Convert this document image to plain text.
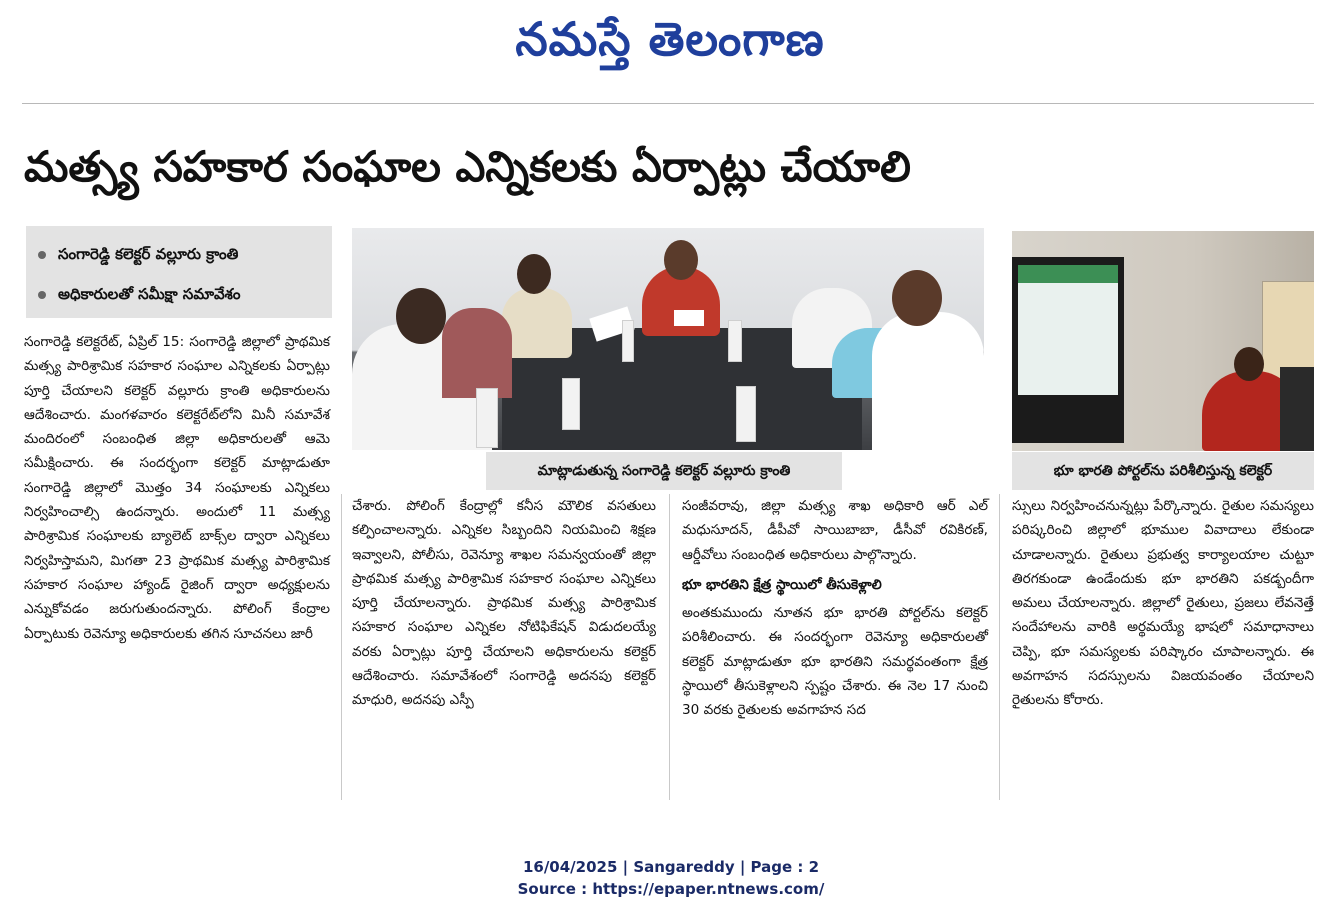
నమస్తే తెలంగాణ
మత్స్య సహకార సంఘాల ఎన్నికలకు ఏర్పాట్లు చేయాలి
సంగారెడ్డి కలెక్టర్ వల్లూరు క్రాంతి
అధికారులతో సమీక్షా సమావేశం
మాట్లాడుతున్న సంగారెడ్డి కలెక్టర్ వల్లూరు క్రాంతి	భూ భారతి పోర్టల్‌ను పరిశీలిస్తున్న కలెక్టర్
సంగారెడ్డి కలెక్టరేట్, ఏప్రిల్ 15: సంగారెడ్డి జిల్లాలో ప్రాథమిక మత్స్య పారిశ్రామిక సహకార సంఘాల ఎన్నికలకు ఏర్పాట్లు పూర్తి చేయాలని కలెక్టర్ వల్లూరు క్రాంతి అధికారులను ఆదేశించారు. మంగళవారం కలెక్టరేట్‌లోని మినీ సమావేశ మందిరంలో సంబంధిత జిల్లా అధికారులతో ఆమె సమీక్షించారు. ఈ సందర్భంగా కలెక్టర్ మాట్లాడుతూ సంగారెడ్డి జిల్లాలో మొత్తం 34 సంఘాలకు ఎన్నికలు నిర్వహించాల్సి ఉందన్నారు. అందులో 11 మత్స్య పారిశ్రామిక సంఘాలకు బ్యాలెట్ బాక్స్‌ల ద్వారా ఎన్నికలు నిర్వహిస్తామని, మిగతా 23 ప్రాథమిక మత్స్య పారిశ్రామిక సహకార సంఘాల హ్యాండ్ రైజింగ్ ద్వారా అధ్యక్షులను ఎన్నుకోవడం జరుగుతుందన్నారు. పోలింగ్ కేంద్రాల ఏర్పాటుకు రెవెన్యూ అధికారులకు తగిన సూచనలు జారీ
చేశారు. పోలింగ్ కేంద్రాల్లో కనీస మౌలిక వసతులు కల్పించాలన్నారు. ఎన్నికల సిబ్బందిని నియమించి శిక్షణ ఇవ్వాలని, పోలీసు, రెవెన్యూ శాఖల సమన్వయంతో జిల్లా ప్రాథమిక మత్స్య పారిశ్రామిక సహకార సంఘాల ఎన్నికలు పూర్తి చేయాలన్నారు. ప్రాథమిక మత్స్య పారిశ్రామిక సహకార సంఘాల ఎన్నికల నోటిఫికేషన్ విడుదలయ్యే వరకు ఏర్పాట్లు పూర్తి చేయాలని అధికారులను కలెక్టర్ ఆదేశించారు. సమావేశంలో సంగారెడ్డి అదనపు కలెక్టర్ మాధురి, అదనపు ఎస్పీ
సంజీవరావు, జిల్లా మత్స్య శాఖ అధికారి ఆర్ ఎల్ మధుసూదన్, డీపీవో సాయిబాబా, డీసీవో రవికిరణ్, ఆర్డీవోలు సంబంధిత అధికారులు పాల్గొన్నారు.
భూ భారతిని క్షేత్ర స్థాయిలో తీసుకెళ్లాలి
అంతకుముందు నూతన భూ భారతి పోర్టల్‌ను కలెక్టర్ పరిశీలించారు. ఈ సందర్భంగా రెవెన్యూ అధికారులతో కలెక్టర్ మాట్లాడుతూ భూ భారతిని సమర్థవంతంగా క్షేత్ర స్థాయిలో తీసుకెళ్లాలని స్పష్టం చేశారు. ఈ నెల 17 నుంచి 30 వరకు రైతులకు అవగాహన సద
స్సులు నిర్వహించనున్నట్లు పేర్కొన్నారు. రైతుల సమస్యలు పరిష్కరించి జిల్లాలో భూముల వివాదాలు లేకుండా చూడాలన్నారు. రైతులు ప్రభుత్వ కార్యాలయాల చుట్టూ తిరగకుండా ఉండేందుకు భూ భారతిని పకడ్బందీగా అమలు చేయాలన్నారు. జిల్లాలో రైతులు, ప్రజలు లేవనెత్తే సందేహాలను వారికి అర్థమయ్యే భాషలో సమాధానాలు చెప్పి, భూ సమస్యలకు పరిష్కారం చూపాలన్నారు. ఈ అవగాహన సదస్సులను విజయవంతం చేయాలని రైతులను కోరారు.
16/04/2025 | Sangareddy | Page : 2
Source : https://epaper.ntnews.com/
